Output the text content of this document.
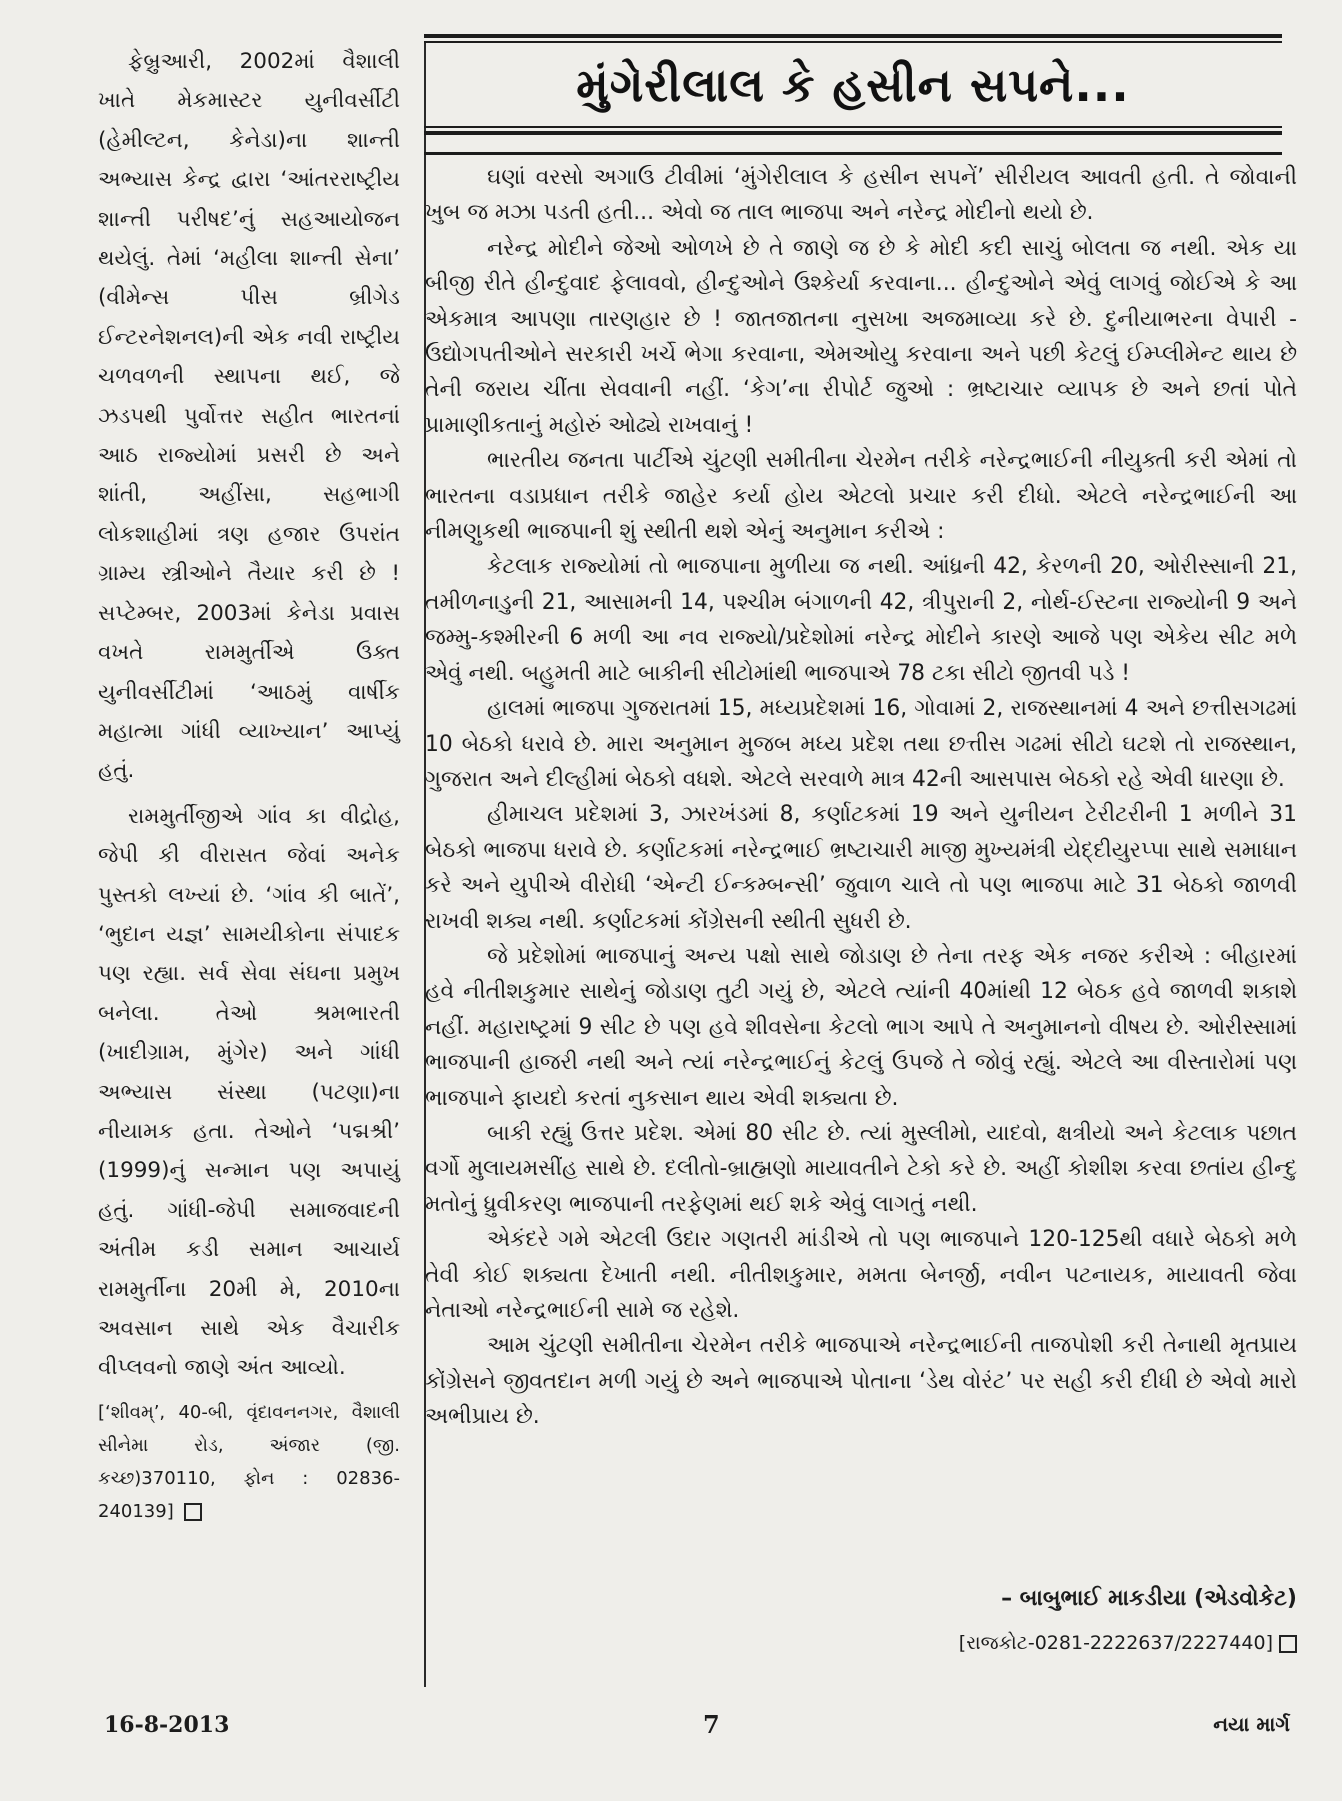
ફેબ્રુઆરી, 2002માં વૈશાલી ખાતે મેકમાસ્ટર યુનીવર્સીટી (હેમીલ્ટન, કેનેડા)ના શાન્તી અભ્યાસ કેન્દ્ર દ્વારા ‘આંતરરાષ્ટ્રીય શાન્તી પરીષદ’નું સહઆયોજન થયેલું. તેમાં ‘મહીલા શાન્તી સેના’ (વીમેન્સ પીસ બ્રીગેડ ઈન્ટરનેશનલ)ની એક નવી રાષ્ટ્રીય ચળવળની સ્થાપના થઈ, જે ઝડપથી પુર્વોત્તર સહીત ભારતનાં આઠ રાજ્યોમાં પ્રસરી છે અને શાંતી, અહીંસા, સહભાગી લોકશાહીમાં ત્રણ હજાર ઉપરાંત ગ્રામ્ય સ્ત્રીઓને તૈયાર કરી છે ! સપ્ટેમ્બર, 2003માં કેનેડા પ્રવાસ વખતે રામમુર્તીએ ઉક્ત યુનીવર્સીટીમાં ‘આઠમું વાર્ષીક મહાત્મા ગાંધી વ્યાખ્યાન’ આપ્યું હતું.

રામમુર્તીજીએ ગાંવ કા વીદ્રોહ, જેપી કી વીરાસત જેવાં અનેક પુસ્તકો લખ્યાં છે. ‘ગાંવ કી બાતેં’, ‘ભુદાન યજ્ઞ’ સામયીકોના સંપાદક પણ રહ્યા. સર્વ સેવા સંઘના પ્રમુખ બનેલા. તેઓ શ્રમભારતી (ખાદીગ્રામ, મુંગેર) અને ગાંધી અભ્યાસ સંસ્થા (પટણા)ના નીયામક હતા. તેઓને ‘પદ્મશ્રી’ (1999)નું સન્માન પણ અપાયું હતું. ગાંધી-જેપી સમાજવાદની અંતીમ કડી સમાન આચાર્ય રામમુર્તીના 20મી મે, 2010ના અવસાન સાથે એક વૈચારીક વીપ્લવનો જાણે અંત આવ્યો.

[‘શીવમ્’, 40-બી, વૃંદાવનનગર, વૈશાલી સીનેમા રોડ, અંજાર (જી. કચ્છ)370110, ફોન : 02836-240139]
મુંગેરીલાલ કે હસીન સપને...

ઘણાં વરસો અગાઉ ટીવીમાં ‘મુંગેરીલાલ કે હસીન સપનેં’ સીરીયલ આવતી હતી. તે જોવાની ખુબ જ મઝા પડતી હતી... એવો જ તાલ ભાજપા અને નરેન્દ્ર મોદીનો થયો છે.

નરેન્દ્ર મોદીને જેઓ ઓળખે છે તે જાણે જ છે કે મોદી કદી સાચું બોલતા જ નથી. એક યા બીજી રીતે હીન્દુવાદ ફેલાવવો, હીન્દુઓને ઉશ્કેર્યા કરવાના... હીન્દુઓને એવું લાગવું જોઈએ કે આ એકમાત્ર આપણા તારણહાર છે ! જાતજાતના નુસખા અજમાવ્યા કરે છે. દુનીયાભરના વેપારી - ઉદ્યોગપતીઓને સરકારી ખર્ચે ભેગા કરવાના, એમઓયુ કરવાના અને પછી કેટલું ઈમ્પ્લીમેન્ટ થાય છે તેની જરાય ચીંતા સેવવાની નહીં. ‘કેગ’ના રીપોર્ટ જુઓ : ભ્રષ્ટાચાર વ્યાપક છે અને છતાં પોતે પ્રામાણીકતાનું મહોરું ઓઢ્યે રાખવાનું !

ભારતીય જનતા પાર્ટીએ ચુંટણી સમીતીના ચેરમેન તરીકે નરેન્દ્રભાઈની નીયુક્તી કરી એમાં તો ભારતના વડાપ્રધાન તરીકે જાહેર કર્યા હોય એટલો પ્રચાર કરી દીધો. એટલે નરેન્દ્રભાઈની આ નીમણુકથી ભાજપાની શું સ્થીતી થશે એનું અનુમાન કરીએ :

કેટલાક રાજ્યોમાં તો ભાજપાના મુળીયા જ નથી. આંધ્રની 42, કેરળની 20, ઓરીસ્સાની 21, તમીળનાડુની 21, આસામની 14, પશ્ચીમ બંગાળની 42, ત્રીપુરાની 2, નોર્થ-ઈસ્ટના રાજ્યોની 9 અને જમ્મુ-કશ્મીરની 6 મળી આ નવ રાજ્યો/પ્રદેશોમાં નરેન્દ્ર મોદીને કારણે આજે પણ એકેય સીટ મળે એવું નથી. બહુમતી માટે બાકીની સીટોમાંથી ભાજપાએ 78 ટકા સીટો જીતવી પડે !

હાલમાં ભાજપા ગુજરાતમાં 15, મધ્યપ્રદેશમાં 16, ગોવામાં 2, રાજસ્થાનમાં 4 અને છત્તીસગઢમાં 10 બેઠકો ધરાવે છે. મારા અનુમાન મુજબ મધ્ય પ્રદેશ તથા છત્તીસ ગઢમાં સીટો ઘટશે તો રાજસ્થાન, ગુજરાત અને દીલ્હીમાં બેઠકો વધશે. એટલે સરવાળે માત્ર 42ની આસપાસ બેઠકો રહે એવી ધારણા છે.

હીમાચલ પ્રદેશમાં 3, ઝારખંડમાં 8, કર્ણાટકમાં 19 અને યુનીયન ટેરીટરીની 1 મળીને 31 બેઠકો ભાજપા ધરાવે છે. કર્ણાટકમાં નરેન્દ્રભાઈ ભ્રષ્ટાચારી માજી મુખ્યમંત્રી યેદ્દીયુરપ્પા સાથે સમાધાન કરે અને યુપીએ વીરોધી ‘એન્ટી ઈન્કમ્બન્સી’ જુવાળ ચાલે તો પણ ભાજપા માટે 31 બેઠકો જાળવી રાખવી શક્ય નથી. કર્ણાટકમાં કોંગ્રેસની સ્થીતી સુધરી છે.

જે પ્રદેશોમાં ભાજપાનું અન્ય પક્ષો સાથે જોડાણ છે તેના તરફ એક નજર કરીએ : બીહારમાં હવે નીતીશકુમાર સાથેનું જોડાણ તુટી ગયું છે, એટલે ત્યાંની 40માંથી 12 બેઠક હવે જાળવી શકાશે નહીં. મહારાષ્ટ્રમાં 9 સીટ છે પણ હવે શીવસેના કેટલો ભાગ આપે તે અનુમાનનો વીષય છે. ઓરીસ્સામાં ભાજપાની હાજરી નથી અને ત્યાં નરેન્દ્રભાઈનું કેટલું ઉપજે તે જોવું રહ્યું. એટલે આ વીસ્તારોમાં પણ ભાજપાને ફાયદો કરતાં નુકસાન થાય એવી શક્યતા છે.

બાકી રહ્યું ઉત્તર પ્રદેશ. એમાં 80 સીટ છે. ત્યાં મુસ્લીમો, યાદવો, ક્ષત્રીયો અને કેટલાક પછાત વર્ગો મુલાયમસીંહ સાથે છે. દલીતો-બ્રાહ્મણો માયાવતીને ટેકો કરે છે. અહીં કોશીશ કરવા છતાંય હીન્દુ મતોનું ધ્રુવીકરણ ભાજપાની તરફેણમાં થઈ શકે એવું લાગતું નથી.

એકંદરે ગમે એટલી ઉદાર ગણતરી માંડીએ તો પણ ભાજપાને 120-125થી વધારે બેઠકો મળે તેવી કોઈ શક્યતા દેખાતી નથી. નીતીશકુમાર, મમતા બેનર્જી, નવીન પટનાયક, માયાવતી જેવા નેતાઓ નરેન્દ્રભાઈની સામે જ રહેશે.

આમ ચુંટણી સમીતીના ચેરમેન તરીકે ભાજપાએ નરેન્દ્રભાઈની તાજપોશી કરી તેનાથી મૃતપ્રાય કોંગ્રેસને જીવતદાન મળી ગયું છે અને ભાજપાએ પોતાના ‘ડેથ વોરંટ’ પર સહી કરી દીધી છે એવો મારો અભીપ્રાય છે.

– બાબુભાઈ માકડીયા (એડવોકેટ)
[રાજકોટ-0281-2222637/2227440]
16-8-2013	7	નયા માર્ગ
